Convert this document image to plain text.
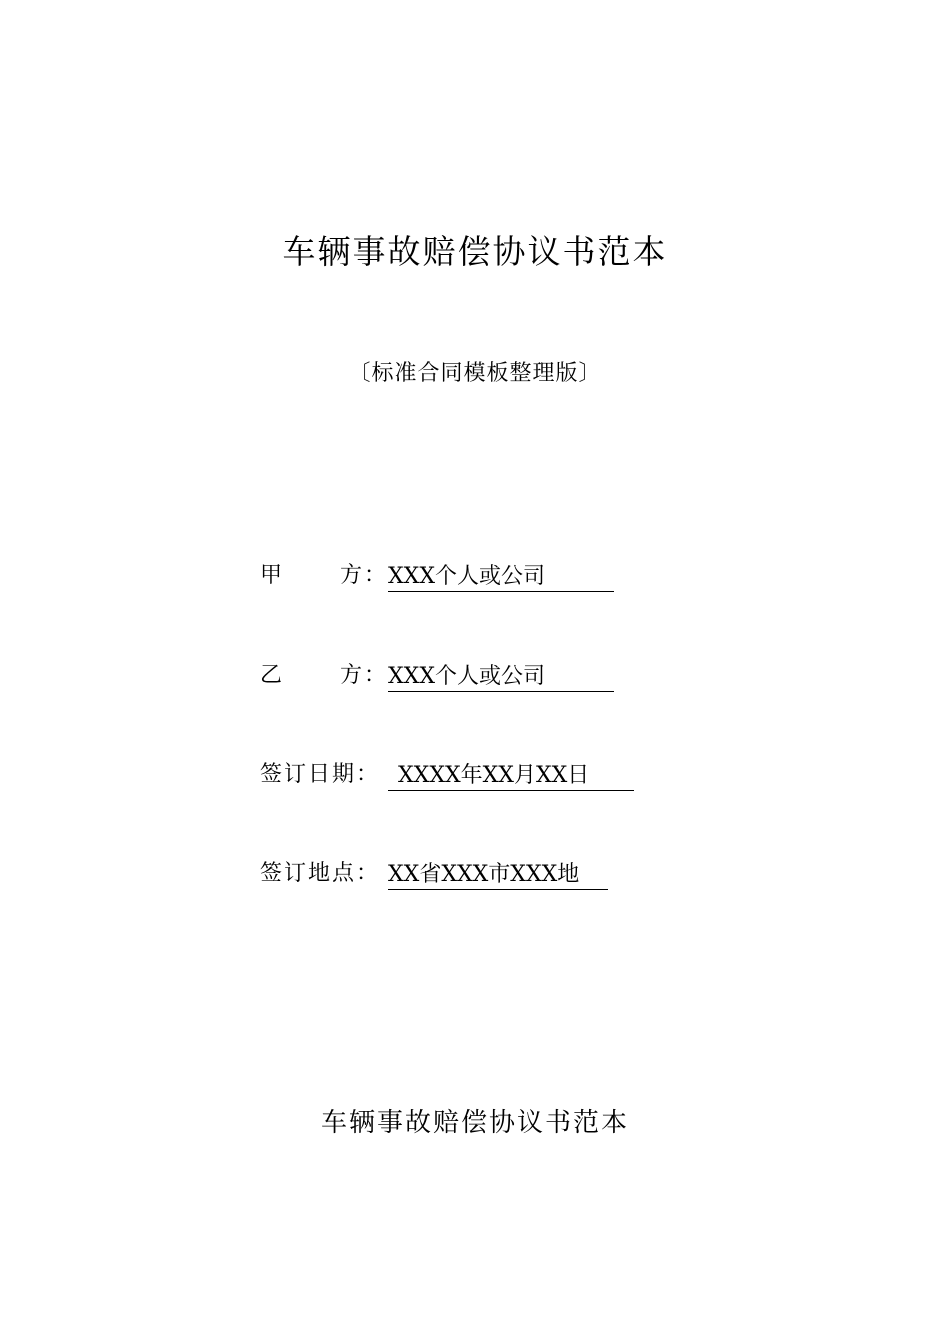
车辆事故赔偿协议书范本
〔标准合同模板整理版〕
甲	方： XXX个人或公司
乙	方： XXX个人或公司
签订日期： XXXX年XX月XX日
签订地点： XX省XXX市XXX地
车辆事故赔偿协议书范本
